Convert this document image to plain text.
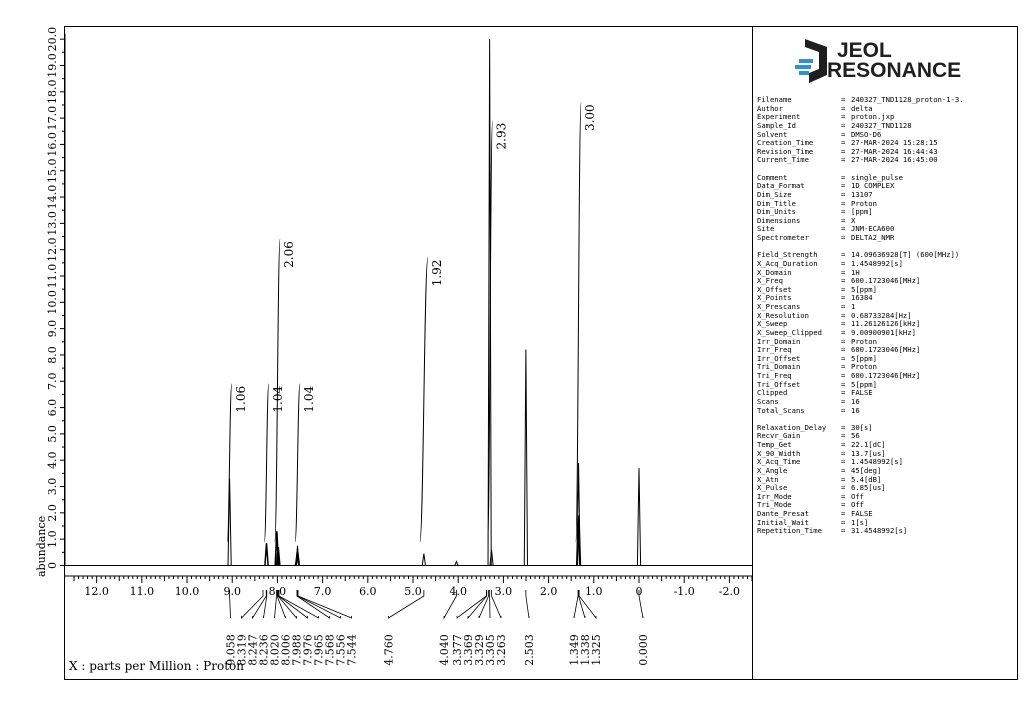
0
1.0
2.0
3.0
4.0
5.0
6.0
7.0
8.0
9.0
10.0
11.0
12.0
13.0
14.0
15.0
16.0
17.0
18.0
19.0
20.0
abundance
12.0 11.0 10.0 9.0	8.0	7.0	6.0	5.0	4.0	3.0	2.0	1.0	0	-1.0 -2.0
X : parts per Million : Proton
1.06 1.04
2.06
1.04
1.92
2.93
3.00
9.058
8.319
8.247
8.236
8.020
8.006
7.988
7.976
7.965
7.568
7.556
7.544 4.760	4.040 3.377
3.369
3.329
3.305
3.263 2.503	1.349
1.338
1.325	0.000
JEOL
RESONANCE
Filename	= 240327_TND1128_proton-1-3.
Author	= delta
Experiment	= proton.jxp
Sample_Id	= 240327_TND1128
Solvent	= DMSO-D6
Creation_Time	= 27-MAR-2024 15:28:15
Revision_Time	= 27-MAR-2024 16:44:43
Current_Time	= 27-MAR-2024 16:45:00
Comment	= single_pulse
Data_Format	= 1D COMPLEX
Dim_Size	= 13107
Dim_Title	= Proton
Dim_Units	= [ppm]
Dimensions	= X
Site	= JNM-ECA600
Spectrometer	= DELTA2_NMR
Field_Strength	= 14.09636928[T] (600[MHz])
X_Acq_Duration	= 1.4548992[s]
X_Domain	= 1H
X_Freq	= 600.1723046[MHz]
X_Offset	= 5[ppm]
X_Points	= 16384
X_Prescans	= 1
X_Resolution	= 0.68733284[Hz]
X_Sweep	= 11.26126126[kHz]
X_Sweep_Clipped	= 9.00900901[kHz]
Irr_Domain	= Proton
Irr_Freq	= 600.1723046[MHz]
Irr_Offset	= 5[ppm]
Tri_Domain	= Proton
Tri_Freq	= 600.1723046[MHz]
Tri_Offset	= 5[ppm]
Clipped	= FALSE
Scans	= 16
Total_Scans	= 16
Relaxation_Delay = 30[s]
Recvr_Gain	= 56
Temp_Get	= 22.1[dC]
X_90_Width	= 13.7[us]
X_Acq_Time	= 1.4548992[s]
X_Angle	= 45[deg]
X_Atn	= 5.4[dB]
X_Pulse	= 6.85[us]
Irr_Mode	= Off
Tri_Mode	= Off
Dante_Presat	= FALSE
Initial_Wait	= 1[s]
Repetition_Time	= 31.4548992[s]
